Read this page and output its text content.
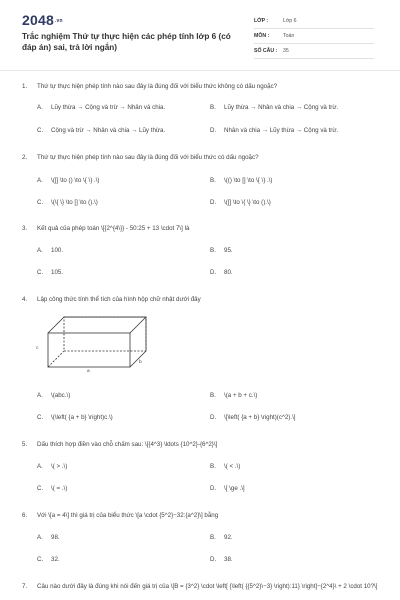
2048.vn
Trắc nghiệm Thứ tự thực hiện các phép tính lớp 6 (có đáp án) sai, trả lời ngắn)
LỚP :	Lớp 6
MÔN :	Toán
SỐ CÂU :	35
1. Thứ tự thực hiện phép tính nào sau đây là đúng đối với biểu thức không có dấu ngoặc?
A. Lũy thừa → Cộng và trừ → Nhân và chia.	B. Lũy thừa → Nhân và chia → Cộng và trừ.
C. Cộng và trừ → Nhân và chia → Lũy thừa.	D. Nhân và chia → Lũy thừa → Cộng và trừ.
2. Thứ tự thực hiện phép tính nào sau đây là đúng đối với biểu thức có dấu ngoặc?
A. \([] \to () \to \{ \} .\)	B. \(() \to [] \to \{ \} .\)
C. \(\{ \} \to [] \to ().\)	D. \([] \to \{ \} \to ().\)
3. Kết quả của phép toán \[{2^{4\}} - 50:25 + 13 \cdot 7\] là
A. 100.	B. 95.
C. 105.	D. 80.
4. Lập công thức tính thể tích của hình hộp chữ nhật dưới đây
c
a
b
A. \(abc.\)	B. \(a + b + c.\)
C. \(\left( {a + b} \right)c.\)	D. \[\left( {a + b} \right)(c^2).\]
5. Dấu thích hợp điền vào chỗ chấm sau: \[{4^3} \ldots {10^2}-{6^2}\]
A. \( > .\)	B. \( < .\)
C. \( = .\)	D. \[ \ge .\]
6. Với \[a = 4\] thì giá trị của biểu thức \[a \cdot {5^2}−32:{a^2}\] bằng
A. 98.	B. 92.
C. 32.	D. 38.
7. Câu nào dưới đây là đúng khi nói đến giá trị của \[B = {3^2} \cdot \left[ {\left( {{5^2}\−3} \right):11} \right]−{2^4}\ + 2 \cdot 10?\]
